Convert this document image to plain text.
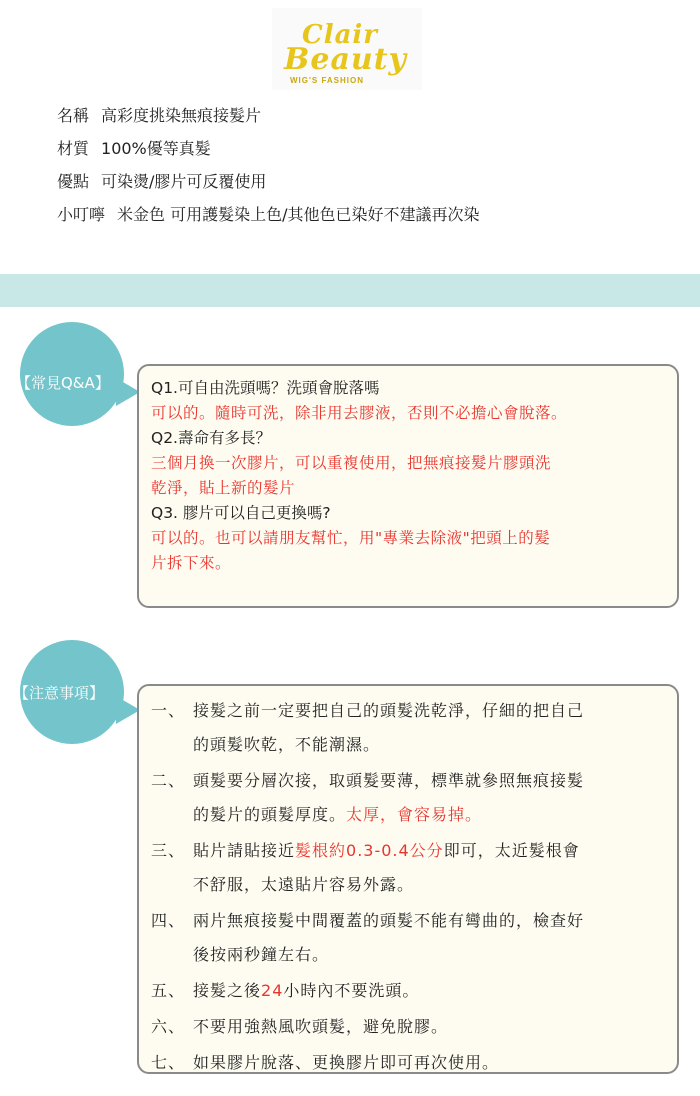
Clair
Beauty
WIG'S FASHION
名稱 高彩度挑染無痕接髮片
材質 100%優等真髮
優點 可染燙/膠片可反覆使用
小叮嚀 米金色 可用護髮染上色/其他色已染好不建議再次染
【常見Q&A】	Q1.可自由洗頭嗎？洗頭會脫落嗎
可以的。隨時可洗，除非用去膠液，否則不必擔心會脫落。
Q2.壽命有多長？
三個月換一次膠片，可以重複使用，把無痕接髮片膠頭洗
乾淨，貼上新的髮片
Q3. 膠片可以自己更換嗎?
可以的。也可以請朋友幫忙，用"專業去除液"把頭上的髮
片拆下來。
【注意事項】
一、 接髮之前一定要把自己的頭髮洗乾淨，仔細的把自己
的頭髮吹乾，不能潮濕。
二、 頭髮要分層次接，取頭髮要薄，標準就參照無痕接髮
的髮片的頭髮厚度。太厚，會容易掉。
三、 貼片請貼接近髮根約0.3-0.4公分即可，太近髮根會
不舒服，太遠貼片容易外露。
四、 兩片無痕接髮中間覆蓋的頭髮不能有彎曲的，檢查好
後按兩秒鐘左右。
五、 接髮之後24小時內不要洗頭。
六、 不要用強熱風吹頭髮，避免脫膠。
七、 如果膠片脫落、更換膠片即可再次使用。
